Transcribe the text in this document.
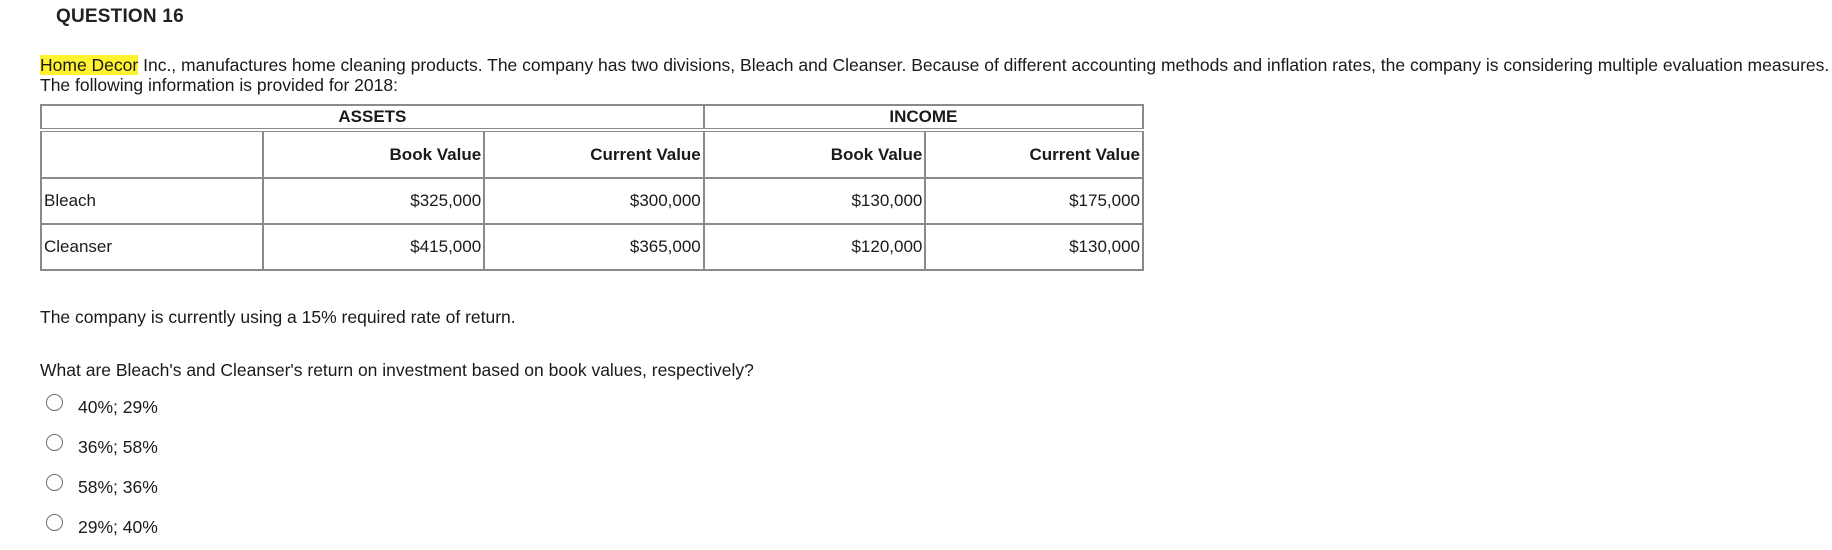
QUESTION 16
Home Decor Inc., manufactures home cleaning products. The company has two divisions, Bleach and Cleanser. Because of different accounting methods and inflation rates, the company is considering multiple evaluation measures. The following information is provided for 2018:
ASSETS			INCOME	
	Book Value	Current Value	Book Value	Current Value
Bleach	$325,000	$300,000	$130,000	$175,000
Cleanser	$415,000	$365,000	$120,000	$130,000
The company is currently using a 15% required rate of return.
What are Bleach's and Cleanser's return on investment based on book values, respectively?
40%; 29%
36%; 58%
58%; 36%
29%; 40%
